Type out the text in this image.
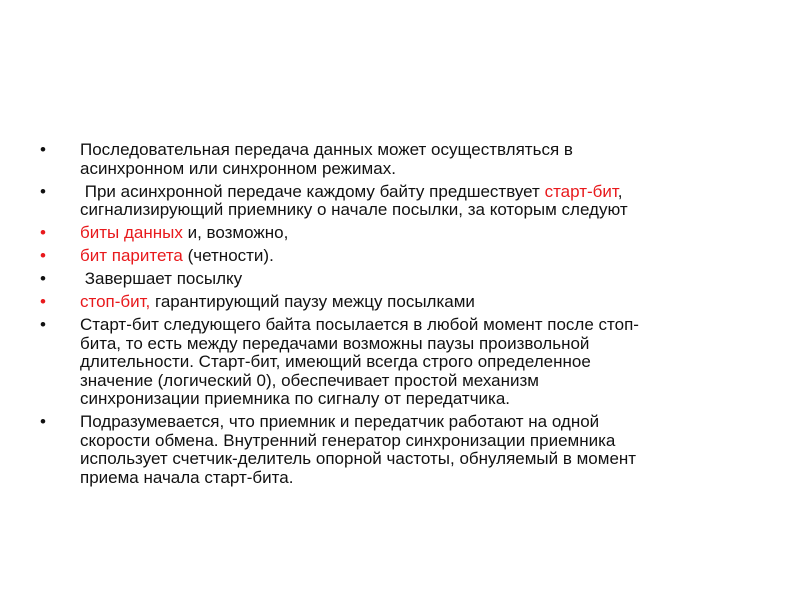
•	Последовательная передача данных может осуществляться в
асинхронном или синхронном режимах.
•	При асинхронной передаче каждому байту предшествует старт-бит,
сигнализирующий приемнику о начале посылки, за которым следуют
•	биты данных и, возможно,
•	бит паритета (четности).
•	Завершает посылку
•	стоп-бит, гарантирующий паузу межцу посылками
•	Старт-бит следующего байта посылается в любой момент после стоп-
бита, то есть между передачами возможны паузы произвольной
длительности. Старт-бит, имеющий всегда строго определенное
значение (логический 0), обеспечивает простой механизм
синхронизации приемника по сигналу от передатчика.
•	Подразумевается, что приемник и передатчик работают на одной
скорости обмена. Внутренний генератор синхронизации приемника
использует счетчик-делитель опорной частоты, обнуляемый в момент
приема начала старт-бита.
